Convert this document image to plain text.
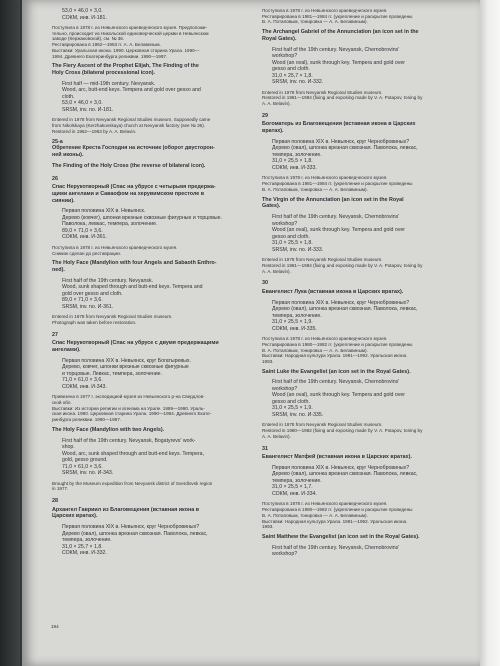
53,0 × 46,0 × 3,0.
СОКМ, инв. И-181.
Поступила в 1978 г. из Невьянского краеведческого музея. Предположи-
тельно, происходит из Никольской единоверческой церкви в Невьянском
заводе (Кержаковской), см. № 36.
Реставрирована в 1962—1963 гг. А. А. Белавиным.
Выставки: Уральская икона. 1990. Церковная старина Урала. 1990—
1994. Древнего Екатеринбурга реликвии. 1990—1997.
The Fiery Ascent of the Prophet Elijah, The Finding of the
Holy Cross (bilateral processional icon).
First half — mid-19th century. Nevyansk.
Wood, arc, butt-end keys. Tempera and gold over gesso and
cloth.
53,0 × 46,0 × 3,0.
SRSM, inv. no. И-181.
Entered in 1978 from Nevyansk Regional Studies museum. Supposedly came
from Nikolskaya (Kerzhakovskaya) church at Nevyansk factory (see № 36).
Restored in 1962—1963 by A. A. Belavin.
25-а
Обретение Креста Господня на источник (оборот двусторон-
ней иконы).
The Finding of the Holy Cross (the reverse of bilateral icon).
26
Спас Нерукотворный (Спас на убрусе с четырьмя предержа-
щими ангелами и Саваофом на херувимском престоле в
сиянии).
Первая половина XIX в. Невьянск.
Дерево (ковчег), шпонки врезные сквозные фигурные и торцовые.
Паволока, левкас, темпера, золочение.
89,0 × 71,0 × 3,6.
СОКМ, инв. И-361.
Поступила в 1978 г. из Невьянского краеведческого музея.
Снимок сделан до реставрации.
The Holy Face (Mandylion with four Angels and Sabaoth Enthro-
ned).
First half of the 19th century. Nevyansk.
Wood, sunk shaped through and butt-end keys. Tempera and
gold over gesso and cloth.
89,0 × 71,0 × 3,6.
SRSM, inv. no. И-361.
Entered in 1978 from Nevyansk Regional Studies museum.
Photograph was taken before restoration.
27
Спас Нерукотворный (Спас на убрусе с двумя предержащими
ангелами).
Первая половина XIX в. Невьянск, круг Богатыревых.
Дерево, ковчег, шпонки врезные сквозные фигурные
и торцовые. Левкас, темпера, золочение.
71,0 × 61,0 × 3,6.
СОКМ, инв. И-343.
Привезена в 1977 г. экспедицией музея из Невьянского р-на Свердлов-
ской обл.
Выставки: Из истории религии и атеизма на Урале. 1989—1990. Ураль-
ская икона. 1990. Церковная старина Урала. 1990—1994. Древнего Екате-
ринбурга реликвии. 1990—1997.
The Holy Face (Mandylion with two Angels).
First half of the 19th century. Nevyansk, Bogatyrevs' work-
shop.
Wood, arc, sunk shaped through and butt-end keys. Tempera,
gold, gesso ground.
71,0 × 61,0 × 3,6.
SRSM, inv. no. И-343.
Brought by the Museum expedition from Nevyansk district of Sverdlovsk region
in 1977.
28
Архангел Гавриил из Благовещения (вставная икона в
Царских вратах).
Первая половина XIX в. Невьянск, круг Чернобровиных?
Дерево (овал), шпонка врезная сквозная. Паволока, левкас,
темпера, золочение.
31,0 × 25,7 × 1,8.
СОКМ, инв. И-332.
Поступила в 1978 г. из Невьянского краеведческого музея.
Реставрирована в 1981—1984 гг. (укрепление и раскрытие проведены
В. А. Потаповым, тонировка — А. А. Белавиным).
The Archangel Gabriel of the Annunciation (an icon set in the
Royal Gates).
First half of the 19th century. Nevyansk, Chernobrovins'
workshop?
Wood (an oval), sunk through key. Tempera and gold over
gesso and cloth.
31,0 × 25,7 × 1,8.
SRSM, inv. no. И-332.
Entered in 1978 from Nevyansk Regional Studies museum.
Restored in 1981—1984 (fixing and exposing made by V. A. Potapov, toning by
A. A. Belavin).
29
Богоматерь из Благовещения (вставная икона в Царских
вратах).
Первая половина XIX в. Невьянск, круг Чернобровиных?
Дерево (овал), шпонка врезная сквозная. Паволока, левкас,
темпера, золочение.
31,0 × 25,5 × 1,8.
СОКМ, инв. И-333.
Поступила в 1978 г. из Невьянского краеведческого музея.
Реставрирована в 1981—1984 гг. (укрепление и раскрытие проведены
В. А. Потаповым, тонировка — А. А. Белавиным).
The Virgin of the Annunciation (an icon set in the Royal
Gates).
First half of the 19th century. Nevyansk, Chernobrovins'
workshop?
Wood (an oval), sunk through key. Tempera and gold over
gesso and cloth.
31,0 × 25,5 × 1,8.
SRSM, inv. no. И-333.
Entered in 1978 from Nevyansk Regional Studies museum.
Restored in 1981—1984 (fixing and exposing made by V. A. Potapov, toning by
A. A. Belavin).
30
Евангелист Лука (вставная икона в Царских вратах).
Первая половина XIX в. Невьянск, круг Чернобровиных?
Дерево (овал), шпонка врезная сквозная. Паволока, левкас,
темпера, золочение.
31,0 × 25,5 × 1,9.
СОКМ, инв. И-335.
Поступила в 1978 г. из Невьянского краеведческого музея.
Реставрирована в 1980—1982 гг. (укрепление и раскрытие проведены
В. А. Потаповым, тонировка — А. А. Белавиным).
Выставки: Народная культура Урала. 1991—1992. Уральская икона.
1993.
Saint Luke the Evangelist (an icon set in the Royal Gates).
First half of the 19th century. Nevyansk, Chernobrovins'
workshop?
Wood (an oval), sunk through key. Tempera and gold over
gesso and cloth.
31,0 × 25,5 × 1,9.
SRSM, inv. no. И-335.
Entered in 1978 from Nevyansk Regional Studies museum.
Restored in 1980—1982 (fixing and exposing made by V. A. Potapov, toning by
A. A. Belavin).
31
Евангелист Матфей (вставная икона в Царских вратах).
Первая половина XIX в. Невьянск, круг Чернобровиных?
Дерево (овал), шпонка врезная сквозная. Паволока, левкас,
темпера, золочение.
31,0 × 25,5 × 1,7.
СОКМ, инв. И-334.
Поступила в 1978 г. из Невьянского краеведческого музея.
Реставрирована в 1980—1982 гг. (укрепление и раскрытие проведены
В. А. Потаповым, тонировка — А. А. Белавиным).
Выставки: Народная культура Урала. 1991—1992. Уральская икона.
1993.
Saint Matthew the Evangelist (an icon set in the Royal Gates).
First half of the 19th century. Nevyansk, Chernobrovins'
workshop?
194
